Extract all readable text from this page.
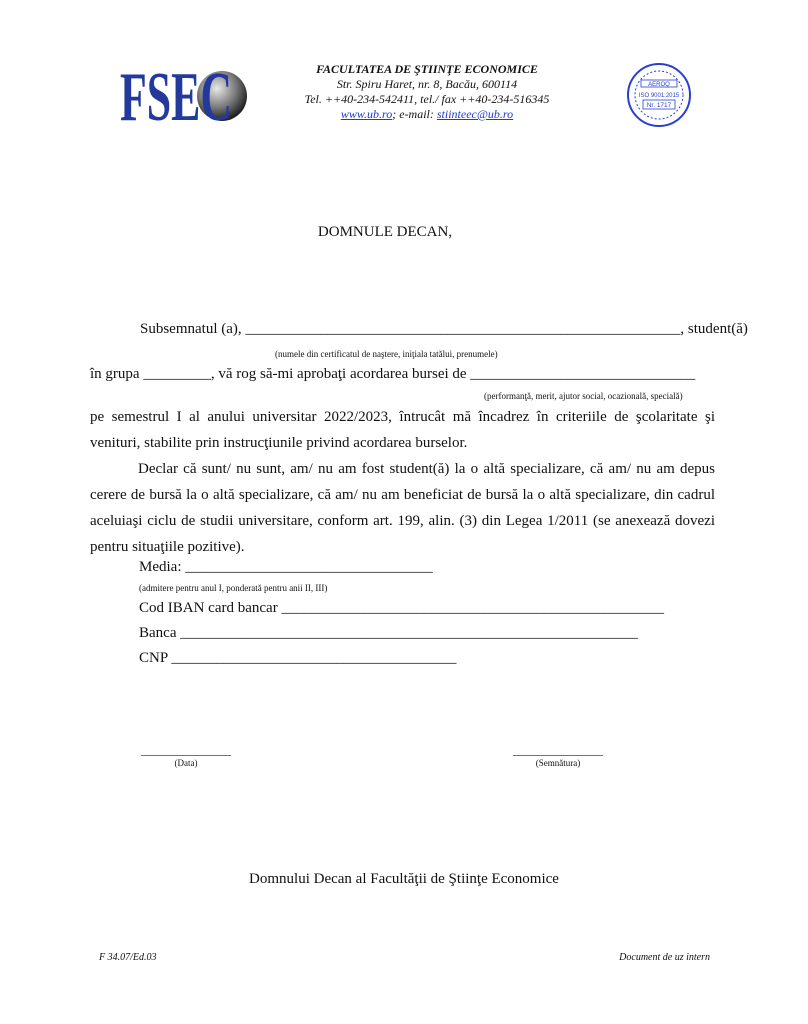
FSEC	FACULTATEA DE ŞTIINŢE ECONOMICE
Str. Spiru Haret, nr. 8, Bacău, 600114
Tel. ++40-234-542411, tel./ fax ++40-234-516345
www.ub.ro; e-mail: stiinteec@ub.ro
AEROQ
ISO 9001:2015
Nr. 1717
DOMNULE DECAN,
Subsemnatul (a), __________________________________________________________, student(ă)
(numele din certificatul de naştere, iniţiala tatălui, prenumele)
în grupa _________, vă rog să-mi aprobaţi acordarea bursei de ______________________________
(performanţă, merit, ajutor social, ocazională, specială)
pe semestrul I al anului universitar 2022/2023, întrucât mă încadrez în criteriile de şcolaritate şi
venituri, stabilite prin instrucţiunile privind acordarea burselor.
Declar că sunt/ nu sunt, am/ nu am fost student(ă) la o altă specializare, că am/ nu am depus
cerere de bursă la o altă specializare, că am/ nu am beneficiat de bursă la o altă specializare, din cadrul
aceluiaşi ciclu de studii universitare, conform art. 199, alin. (3) din Legea 1/2011 (se anexează dovezi
pentru situaţiile pozitive).
Media: _________________________________
(admitere pentru anul I, ponderată pentru anii II, III)
Cod IBAN card bancar ___________________________________________________
Banca _____________________________________________________________
CNP ______________________________________
_______________
(Data)
_______________
(Semnătura)
Domnului Decan al Facultăţii de Ştiinţe Economice
F 34.07/Ed.03	Document de uz intern
